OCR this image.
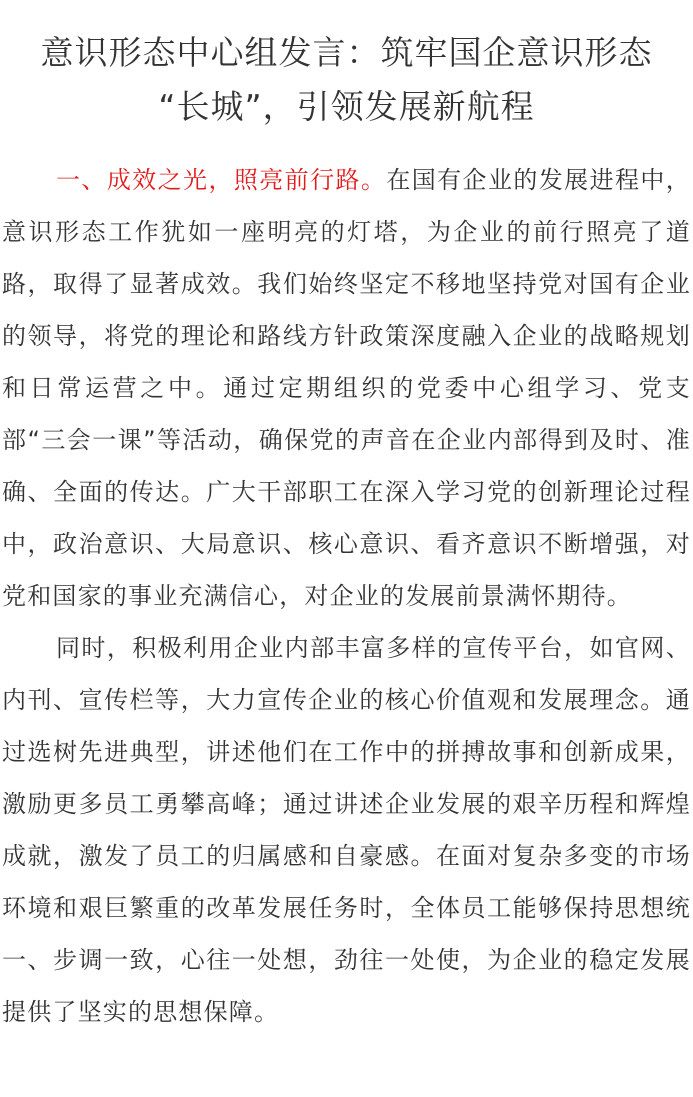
意识形态中心组发言：筑牢国企意识形态
“长城”，引领发展新航程

一、成效之光，照亮前行路。在国有企业的发展进程中，意识形态工作犹如一座明亮的灯塔，为企业的前行照亮了道路，取得了显著成效。我们始终坚定不移地坚持党对国有企业的领导，将党的理论和路线方针政策深度融入企业的战略规划和日常运营之中。通过定期组织的党委中心组学习、党支部“三会一课”等活动，确保党的声音在企业内部得到及时、准确、全面的传达。广大干部职工在深入学习党的创新理论过程中，政治意识、大局意识、核心意识、看齐意识不断增强，对党和国家的事业充满信心，对企业的发展前景满怀期待。

同时，积极利用企业内部丰富多样的宣传平台，如官网、内刊、宣传栏等，大力宣传企业的核心价值观和发展理念。通过选树先进典型，讲述他们在工作中的拼搏故事和创新成果，激励更多员工勇攀高峰；通过讲述企业发展的艰辛历程和辉煌成就，激发了员工的归属感和自豪感。在面对复杂多变的市场环境和艰巨繁重的改革发展任务时，全体员工能够保持思想统一、步调一致，心往一处想，劲往一处使，为企业的稳定发展提供了坚实的思想保障。
